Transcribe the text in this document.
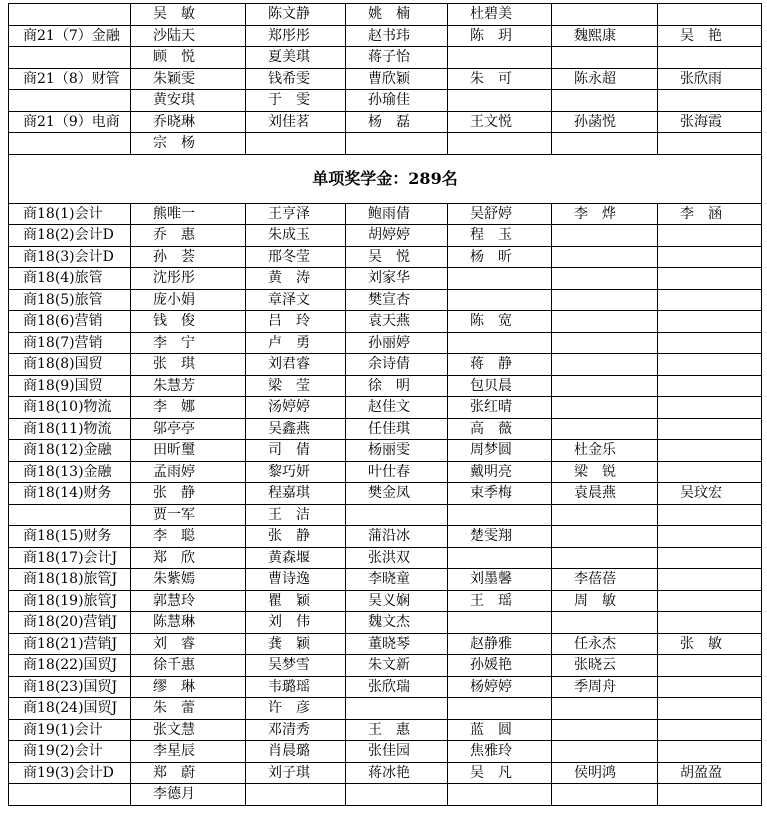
	吴　敏	陈文静	姚　楠	杜碧美		
商21（7）金融	沙陆天	郑彤彤	赵书玮	陈　玥	魏熙康	吴　艳
	顾　悦	夏美琪	蒋子怡			
商21（8）财管	朱颖雯	钱希雯	曹欣颖	朱　可	陈永超	张欣雨
	黄安琪	于　雯	孙瑜佳			
商21（9）电商	乔晓琳	刘佳茗	杨　磊	王文悦	孙菡悦	张海霞
	宗　杨					
单项奖学金：289名						
商18(1)会计	熊唯一	王亨泽	鲍雨倩	吴舒婷	李　烨	李　涵
商18(2)会计D	乔　惠	朱成玉	胡婷婷	程　玉		
商18(3)会计D	孙　荟	邢冬莹	吴　悦	杨　昕		
商18(4)旅管	沈彤彤	黄　涛	刘家华			
商18(5)旅管	庞小娟	章泽文	樊宣杏			
商18(6)营销	钱　俊	吕　玲	袁天燕	陈　宽		
商18(7)营销	李　宁	卢　勇	孙丽婷			
商18(8)国贸	张　琪	刘君睿	余诗倩	蒋　静		
商18(9)国贸	朱慧芳	梁　莹	徐　明	包贝晨		
商18(10)物流	李　娜	汤婷婷	赵佳文	张红晴		
商18(11)物流	邬亭亭	吴鑫燕	任佳琪	高　薇		
商18(12)金融	田昕璽	司　倩	杨丽雯	周梦圆	杜金乐	
商18(13)金融	孟雨婷	黎巧妍	叶仕春	戴明亮	梁　锐	
商18(14)财务	张　静	程嘉琪	樊金凤	束季梅	袁晨燕	吴玟宏
	贾一军	王　洁				
商18(15)财务	李　聪	张　静	蒲沿冰	楚雯翔		
商18(17)会计J	郑　欣	黄森堰	张洪双			
商18(18)旅管J	朱紫嫣	曹诗逸	李晓童	刘墨馨	李蓓蓓	
商18(19)旅管J	郭慧玲	瞿　颖	吴义娴	王　瑶	周　敏	
商18(20)营销J	陈慧琳	刘　伟	魏文杰			
商18(21)营销J	刘　睿	龚　颖	董晓琴	赵静雅	任永杰	张　敏
商18(22)国贸J	徐千惠	吴梦雪	朱文新	孙媛艳	张晓云	
商18(23)国贸J	缪　琳	韦璐瑶	张欣瑞	杨婷婷	季周舟	
商18(24)国贸J	朱　蕾	许　彦				
商19(1)会计	张文慧	邓清秀	王　惠	蓝　圆		
商19(2)会计	李星辰	肖晨璐	张佳园	焦雅玲		
商19(3)会计D	郑　蔚	刘子琪	蒋冰艳	吴　凡	侯明鸿	胡盈盈
	李德月					
